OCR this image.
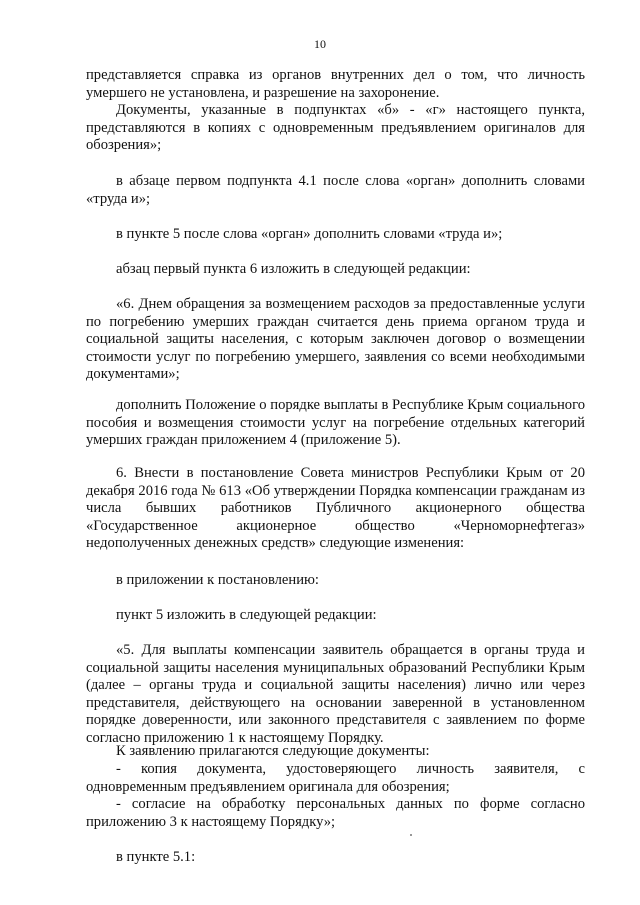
10

представляется справка из органов внутренних дел о том, что личность умершего не установлена, и разрешение на захоронение.

Документы, указанные в подпунктах «б» - «г» настоящего пункта, представляются в копиях с одновременным предъявлением оригиналов для обозрения»;

в абзаце первом подпункта 4.1 после слова «орган» дополнить словами «труда и»;

в пункте 5 после слова «орган» дополнить словами «труда и»;

абзац первый пункта 6 изложить в следующей редакции:

«6. Днем обращения за возмещением расходов за предоставленные услуги по погребению умерших граждан считается день приема органом труда и социальной защиты населения, с которым заключен договор о возмещении стоимости услуг по погребению умершего, заявления со всеми необходимыми документами»;

дополнить Положение о порядке выплаты в Республике Крым социального пособия и возмещения стоимости услуг на погребение отдельных категорий умерших граждан приложением 4 (приложение 5).

6. Внести в постановление Совета министров Республики Крым от 20 декабря 2016 года № 613 «Об утверждении Порядка компенсации гражданам из числа бывших работников Публичного акционерного общества «Государственное акционерное общество «Черноморнефтегаз» недополученных денежных средств» следующие изменения:

в приложении к постановлению:

пункт 5 изложить в следующей редакции:

«5. Для выплаты компенсации заявитель обращается в органы труда и социальной защиты населения муниципальных образований Республики Крым (далее – органы труда и социальной защиты населения) лично или через представителя, действующего на основании заверенной в установленном порядке доверенности, или законного представителя с заявлением по форме согласно приложению 1 к настоящему Порядку.

К заявлению прилагаются следующие документы:

- копия документа, удостоверяющего личность заявителя, с одновременным предъявлением оригинала для обозрения;

- согласие на обработку персональных данных по форме согласно приложению 3 к настоящему Порядку»;

в пункте 5.1:
